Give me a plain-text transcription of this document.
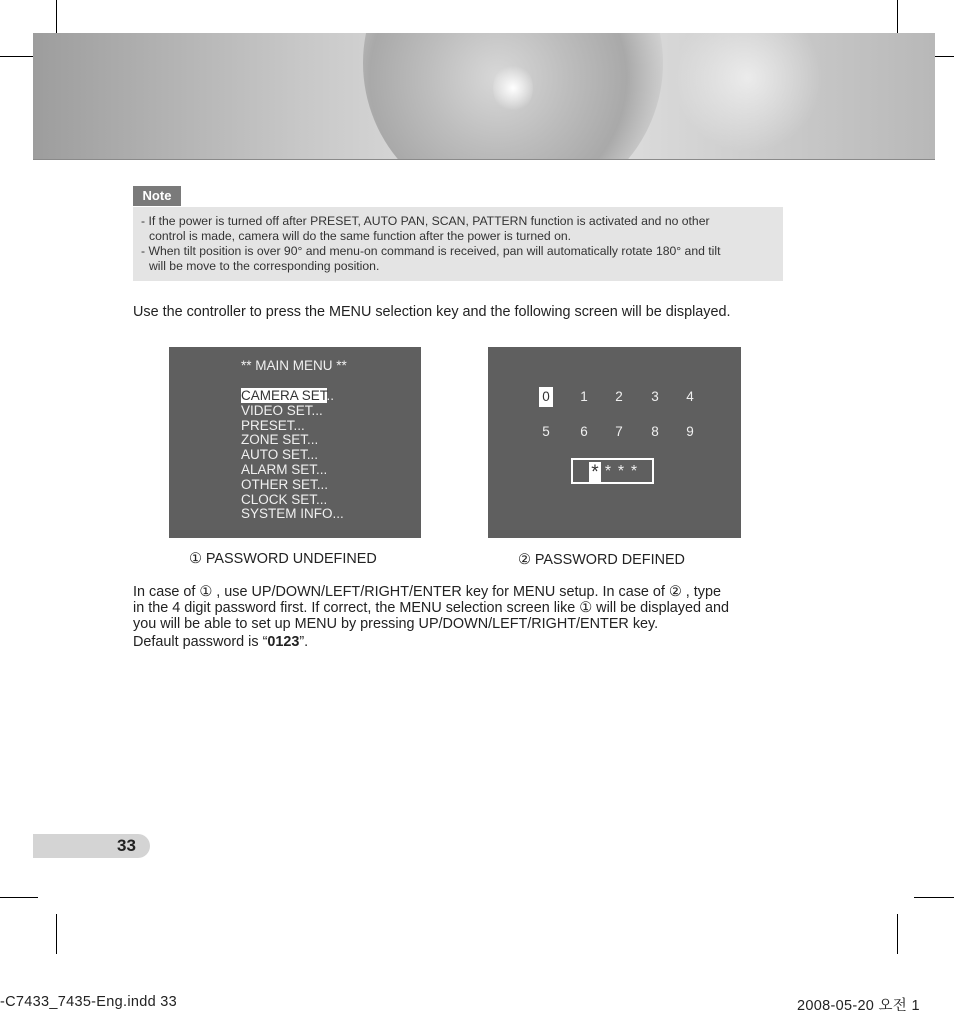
Note
- If the power is turned off after PRESET, AUTO PAN, SCAN, PATTERN function is activated and no other
control is made, camera will do the same function after the power is turned on.
- When tilt position is over 90° and menu-on command is received, pan will automatically rotate 180° and tilt
will be move to the corresponding position.
Use the controller to press the MENU selection key and the following screen will be displayed.
** MAIN MENU **
CAMERA SET..
VIDEO SET...
PRESET...
ZONE SET...
AUTO SET...
ALARM SET...
OTHER SET...
CLOCK SET...
SYSTEM INFO...
0 1 2 3 4
5 6 7 8 9
* * * *
① PASSWORD UNDEFINED	② PASSWORD DEFINED
In case of ① , use UP/DOWN/LEFT/RIGHT/ENTER key for MENU setup. In case of ② , type
in the 4 digit password first. If correct, the MENU selection screen like ① will be displayed and
you will be able to set up MENU by pressing UP/DOWN/LEFT/RIGHT/ENTER key.
Default password is “0123”.
33
-C7433_7435-Eng.indd 33	2008-05-20 오전 1
